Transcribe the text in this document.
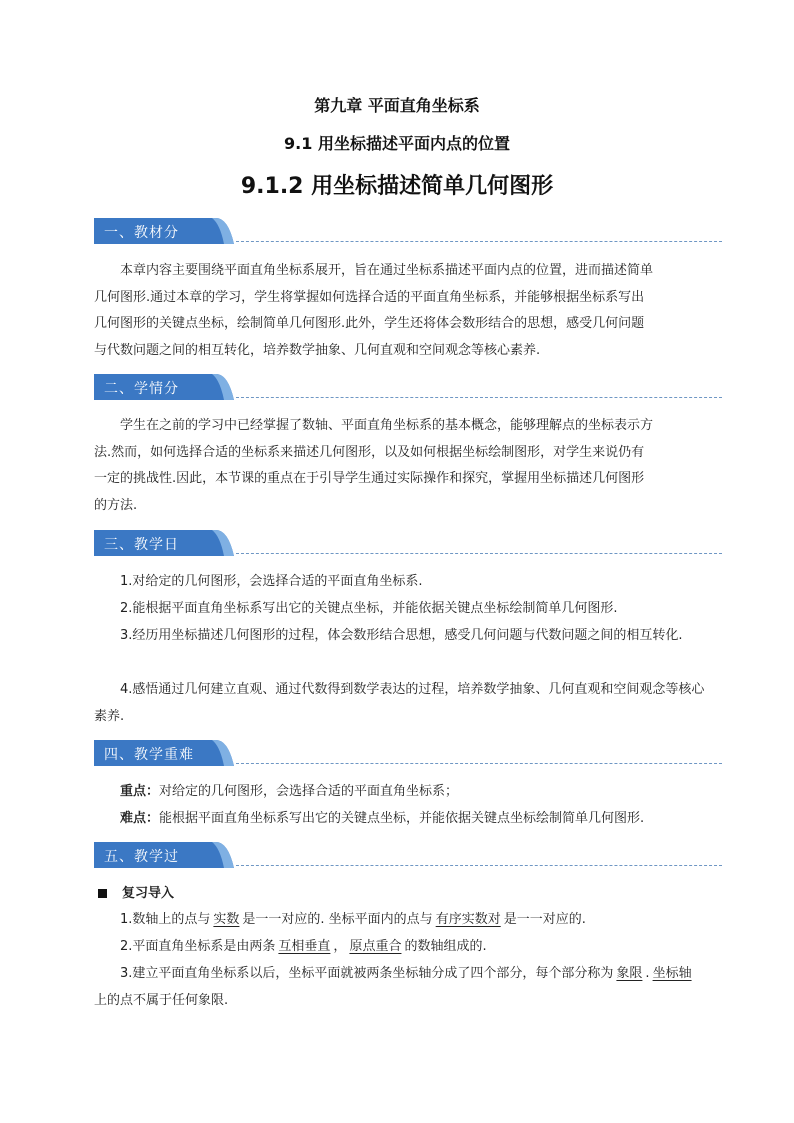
第九章 平面直角坐标系
9.1 用坐标描述平面内点的位置
9.1.2 用坐标描述简单几何图形
一、教材分

本章内容主要围绕平面直角坐标系展开，旨在通过坐标系描述平面内点的位置，进而描述简单

几何图形.通过本章的学习，学生将掌握如何选择合适的平面直角坐标系，并能够根据坐标系写出
几何图形的关键点坐标，绘制简单几何图形.此外，学生还将体会数形结合的思想，感受几何问题
与代数问题之间的相互转化，培养数学抽象、几何直观和空间观念等核心素养.
二、学情分

学生在之前的学习中已经掌握了数轴、平面直角坐标系的基本概念，能够理解点的坐标表示方

法.然而，如何选择合适的坐标系来描述几何图形，以及如何根据坐标绘制图形，对学生来说仍有
一定的挑战性.因此，本节课的重点在于引导学生通过实际操作和探究，掌握用坐标描述几何图形
的方法.
三、教学日

1.对给定的几何图形，会选择合适的平面直角坐标系.

2.能根据平面直角坐标系写出它的关键点坐标，并能依据关键点坐标绘制简单几何图形.

3.经历用坐标描述几何图形的过程，体会数形结合思想，感受几何问题与代数问题之间的相互转化.

4.感悟通过几何建立直观、通过代数得到数学表达的过程，培养数学抽象、几何直观和空间观念等核心素养.

四、教学重难

重点：对给定的几何图形，会选择合适的平面直角坐标系；

难点：能根据平面直角坐标系写出它的关键点坐标，并能依据关键点坐标绘制简单几何图形.

五、教学过
复习导入

1.数轴上的点与 实数 是一一对应的. 坐标平面内的点与 有序实数对 是一一对应的.

2.平面直角坐标系是由两条 互相垂直 ， 原点重合 的数轴组成的.

3.建立平面直角坐标系以后，坐标平面就被两条坐标轴分成了四个部分，每个部分称为 象限 . 坐标轴上的点不属于任何象限.
